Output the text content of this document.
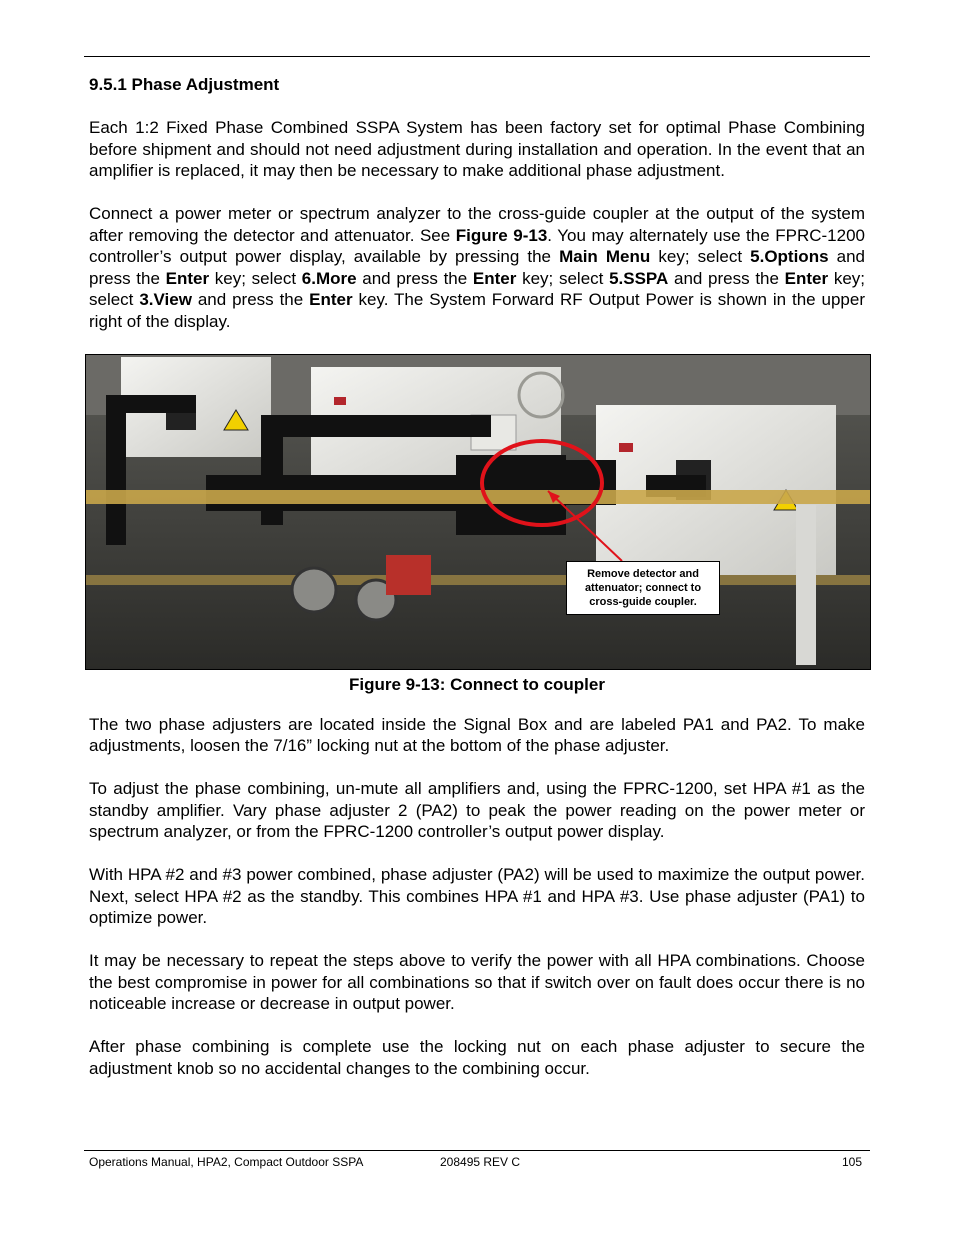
9.5.1 Phase Adjustment

Each 1:2 Fixed Phase Combined SSPA System has been factory set for optimal Phase Combining before shipment and should not need adjustment during installation and operation. In the event that an amplifier is replaced, it may then be necessary to make additional phase adjustment.

Connect a power meter or spectrum analyzer to the cross-guide coupler at the output of the system after removing the detector and attenuator. See Figure 9-13. You may alternately use the FPRC-1200 controller’s output power display, available by pressing the Main Menu key; select 5.Options and press the Enter key; select 6.More and press the Enter key; select 5.SSPA and press the Enter key; select 3.View and press the Enter key. The System Forward RF Output Power is shown in the upper right of the display.

Remove detector and attenuator; connect to cross-guide coupler.
Figure 9-13: Connect to coupler

The two phase adjusters are located inside the Signal Box and are labeled PA1 and PA2. To make adjustments, loosen the 7/16” locking nut at the bottom of the phase adjuster.

To adjust the phase combining, un-mute all amplifiers and, using the FPRC-1200, set HPA #1 as the standby amplifier. Vary phase adjuster 2 (PA2) to peak the power reading on the power meter or spectrum analyzer, or from the FPRC-1200 controller’s output power display.

With HPA #2 and #3 power combined, phase adjuster (PA2) will be used to maximize the output power. Next, select HPA #2 as the standby. This combines HPA #1 and HPA #3. Use phase adjuster (PA1) to optimize power.

It may be necessary to repeat the steps above to verify the power with all HPA combinations. Choose the best compromise in power for all combinations so that if switch over on fault does occur there is no noticeable increase or decrease in output power.

After phase combining is complete use the locking nut on each phase adjuster to secure the adjustment knob so no accidental changes to the combining occur.

Operations Manual, HPA2, Compact Outdoor SSPA	208495 REV C	105
